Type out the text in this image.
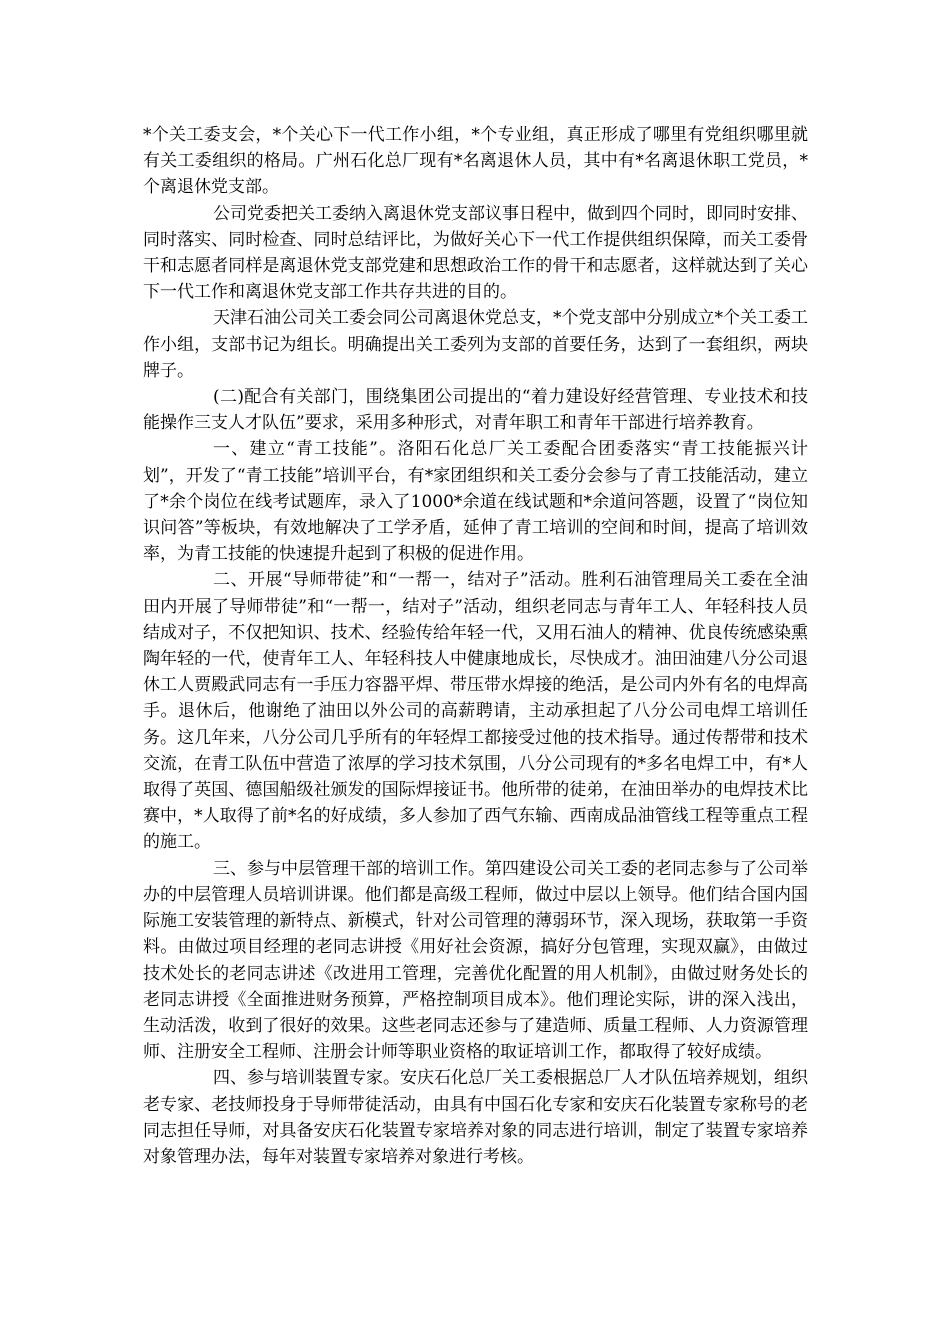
*个关工委支会，*个关心下一代工作小组，*个专业组，真正形成了哪里有党组织哪里就有关工委组织的格局。广州石化总厂现有*名离退休人员，其中有*名离退休职工党员，*个离退休党支部。

公司党委把关工委纳入离退休党支部议事日程中，做到四个同时，即同时安排、同时落实、同时检查、同时总结评比，为做好关心下一代工作提供组织保障，而关工委骨干和志愿者同样是离退休党支部党建和思想政治工作的骨干和志愿者，这样就达到了关心下一代工作和离退休党支部工作共存共进的目的。

天津石油公司关工委会同公司离退休党总支，*个党支部中分别成立*个关工委工作小组，支部书记为组长。明确提出关工委列为支部的首要任务，达到了一套组织，两块牌子。

(二)配合有关部门，围绕集团公司提出的“着力建设好经营管理、专业技术和技能操作三支人才队伍”要求，采用多种形式，对青年职工和青年干部进行培养教育。

一、建立“青工技能”。洛阳石化总厂关工委配合团委落实“青工技能振兴计划”，开发了“青工技能”培训平台，有*家团组织和关工委分会参与了青工技能活动，建立了*余个岗位在线考试题库，录入了1000*余道在线试题和*余道问答题，设置了“岗位知识问答”等板块，有效地解决了工学矛盾，延伸了青工培训的空间和时间，提高了培训效率，为青工技能的快速提升起到了积极的促进作用。

二、开展“导师带徒”和“一帮一，结对子”活动。胜利石油管理局关工委在全油田内开展了导师带徒”和“一帮一，结对子”活动，组织老同志与青年工人、年轻科技人员结成对子，不仅把知识、技术、经验传给年轻一代，又用石油人的精神、优良传统感染熏陶年轻的一代，使青年工人、年轻科技人中健康地成长，尽快成才。油田油建八分公司退休工人贾殿武同志有一手压力容器平焊、带压带水焊接的绝活，是公司内外有名的电焊高手。退休后，他谢绝了油田以外公司的高薪聘请，主动承担起了八分公司电焊工培训任务。这几年来，八分公司几乎所有的年轻焊工都接受过他的技术指导。通过传帮带和技术交流，在青工队伍中营造了浓厚的学习技术氛围，八分公司现有的*多名电焊工中，有*人取得了英国、德国船级社颁发的国际焊接证书。他所带的徒弟，在油田举办的电焊技术比赛中，*人取得了前*名的好成绩，多人参加了西气东输、西南成品油管线工程等重点工程的施工。

三、参与中层管理干部的培训工作。第四建设公司关工委的老同志参与了公司举办的中层管理人员培训讲课。他们都是高级工程师，做过中层以上领导。他们结合国内国际施工安装管理的新特点、新模式，针对公司管理的薄弱环节，深入现场，获取第一手资料。由做过项目经理的老同志讲授《用好社会资源，搞好分包管理，实现双赢》，由做过技术处长的老同志讲述《改进用工管理，完善优化配置的用人机制》，由做过财务处长的老同志讲授《全面推进财务预算，严格控制项目成本》。他们理论实际，讲的深入浅出，生动活泼，收到了很好的效果。这些老同志还参与了建造师、质量工程师、人力资源管理师、注册安全工程师、注册会计师等职业资格的取证培训工作，都取得了较好成绩。

四、参与培训装置专家。安庆石化总厂关工委根据总厂人才队伍培养规划，组织老专家、老技师投身于导师带徒活动，由具有中国石化专家和安庆石化装置专家称号的老同志担任导师，对具备安庆石化装置专家培养对象的同志进行培训，制定了装置专家培养对象管理办法，每年对装置专家培养对象进行考核。
